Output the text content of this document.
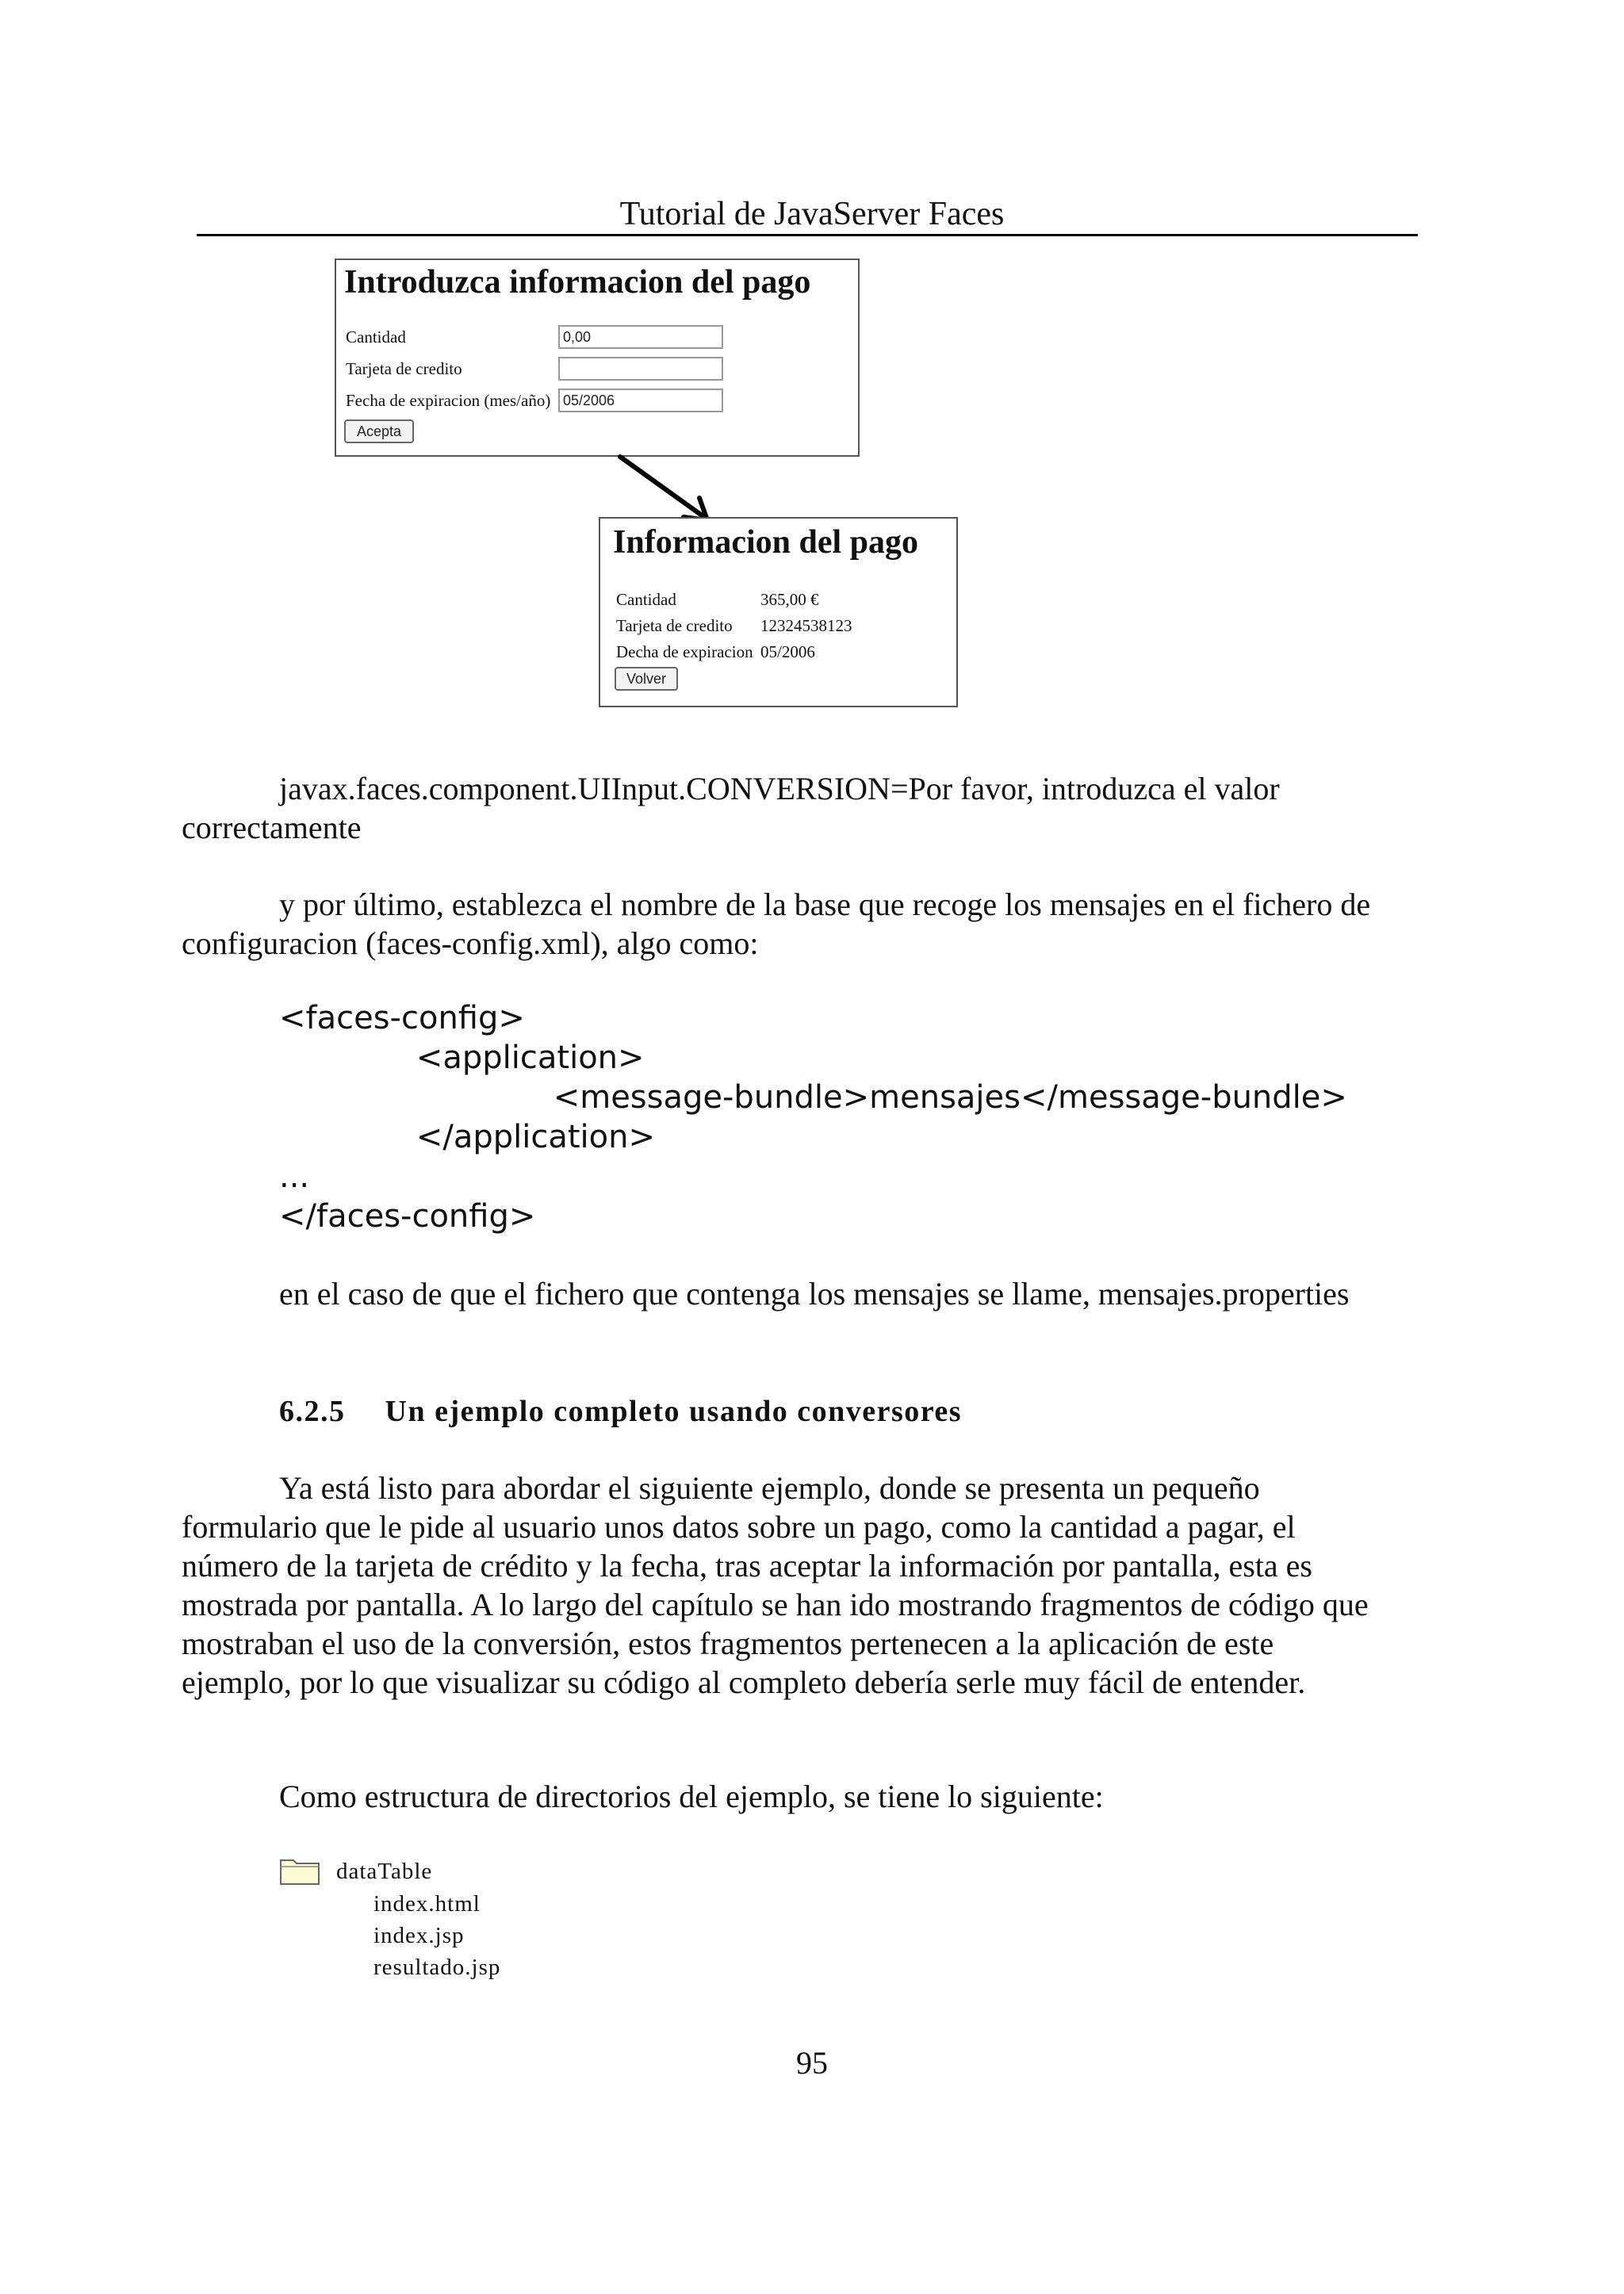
Tutorial de JavaServer Faces
Introduzca informacion del pago
Cantidad
Tarjeta de credito
Fecha de expiracion (mes/año)
0,00
05/2006
Acepta
Informacion del pago
Cantidad	365,00 €
Tarjeta de credito 12324538123
Decha de expiracion 05/2006
Volver
javax.faces.component.UIInput.CONVERSION=Por favor, introduzca el valor
correctamente
y por último, establezca el nombre de la base que recoge los mensajes en el fichero de
configuracion (faces-config.xml), algo como:
<faces-config>
<application>
<message-bundle>mensajes</message-bundle>
</application>
...
</faces-config>
en el caso de que el fichero que contenga los mensajes se llame, mensajes.properties
6.2.5 Un ejemplo completo usando conversores
Ya está listo para abordar el siguiente ejemplo, donde se presenta un pequeño
formulario que le pide al usuario unos datos sobre un pago, como la cantidad a pagar, el
número de la tarjeta de crédito y la fecha, tras aceptar la información por pantalla, esta es
mostrada por pantalla. A lo largo del capítulo se han ido mostrando fragmentos de código que
mostraban el uso de la conversión, estos fragmentos pertenecen a la aplicación de este
ejemplo, por lo que visualizar su código al completo debería serle muy fácil de entender.
Como estructura de directorios del ejemplo, se tiene lo siguiente:
dataTable
index.html
index.jsp
resultado.jsp
95
